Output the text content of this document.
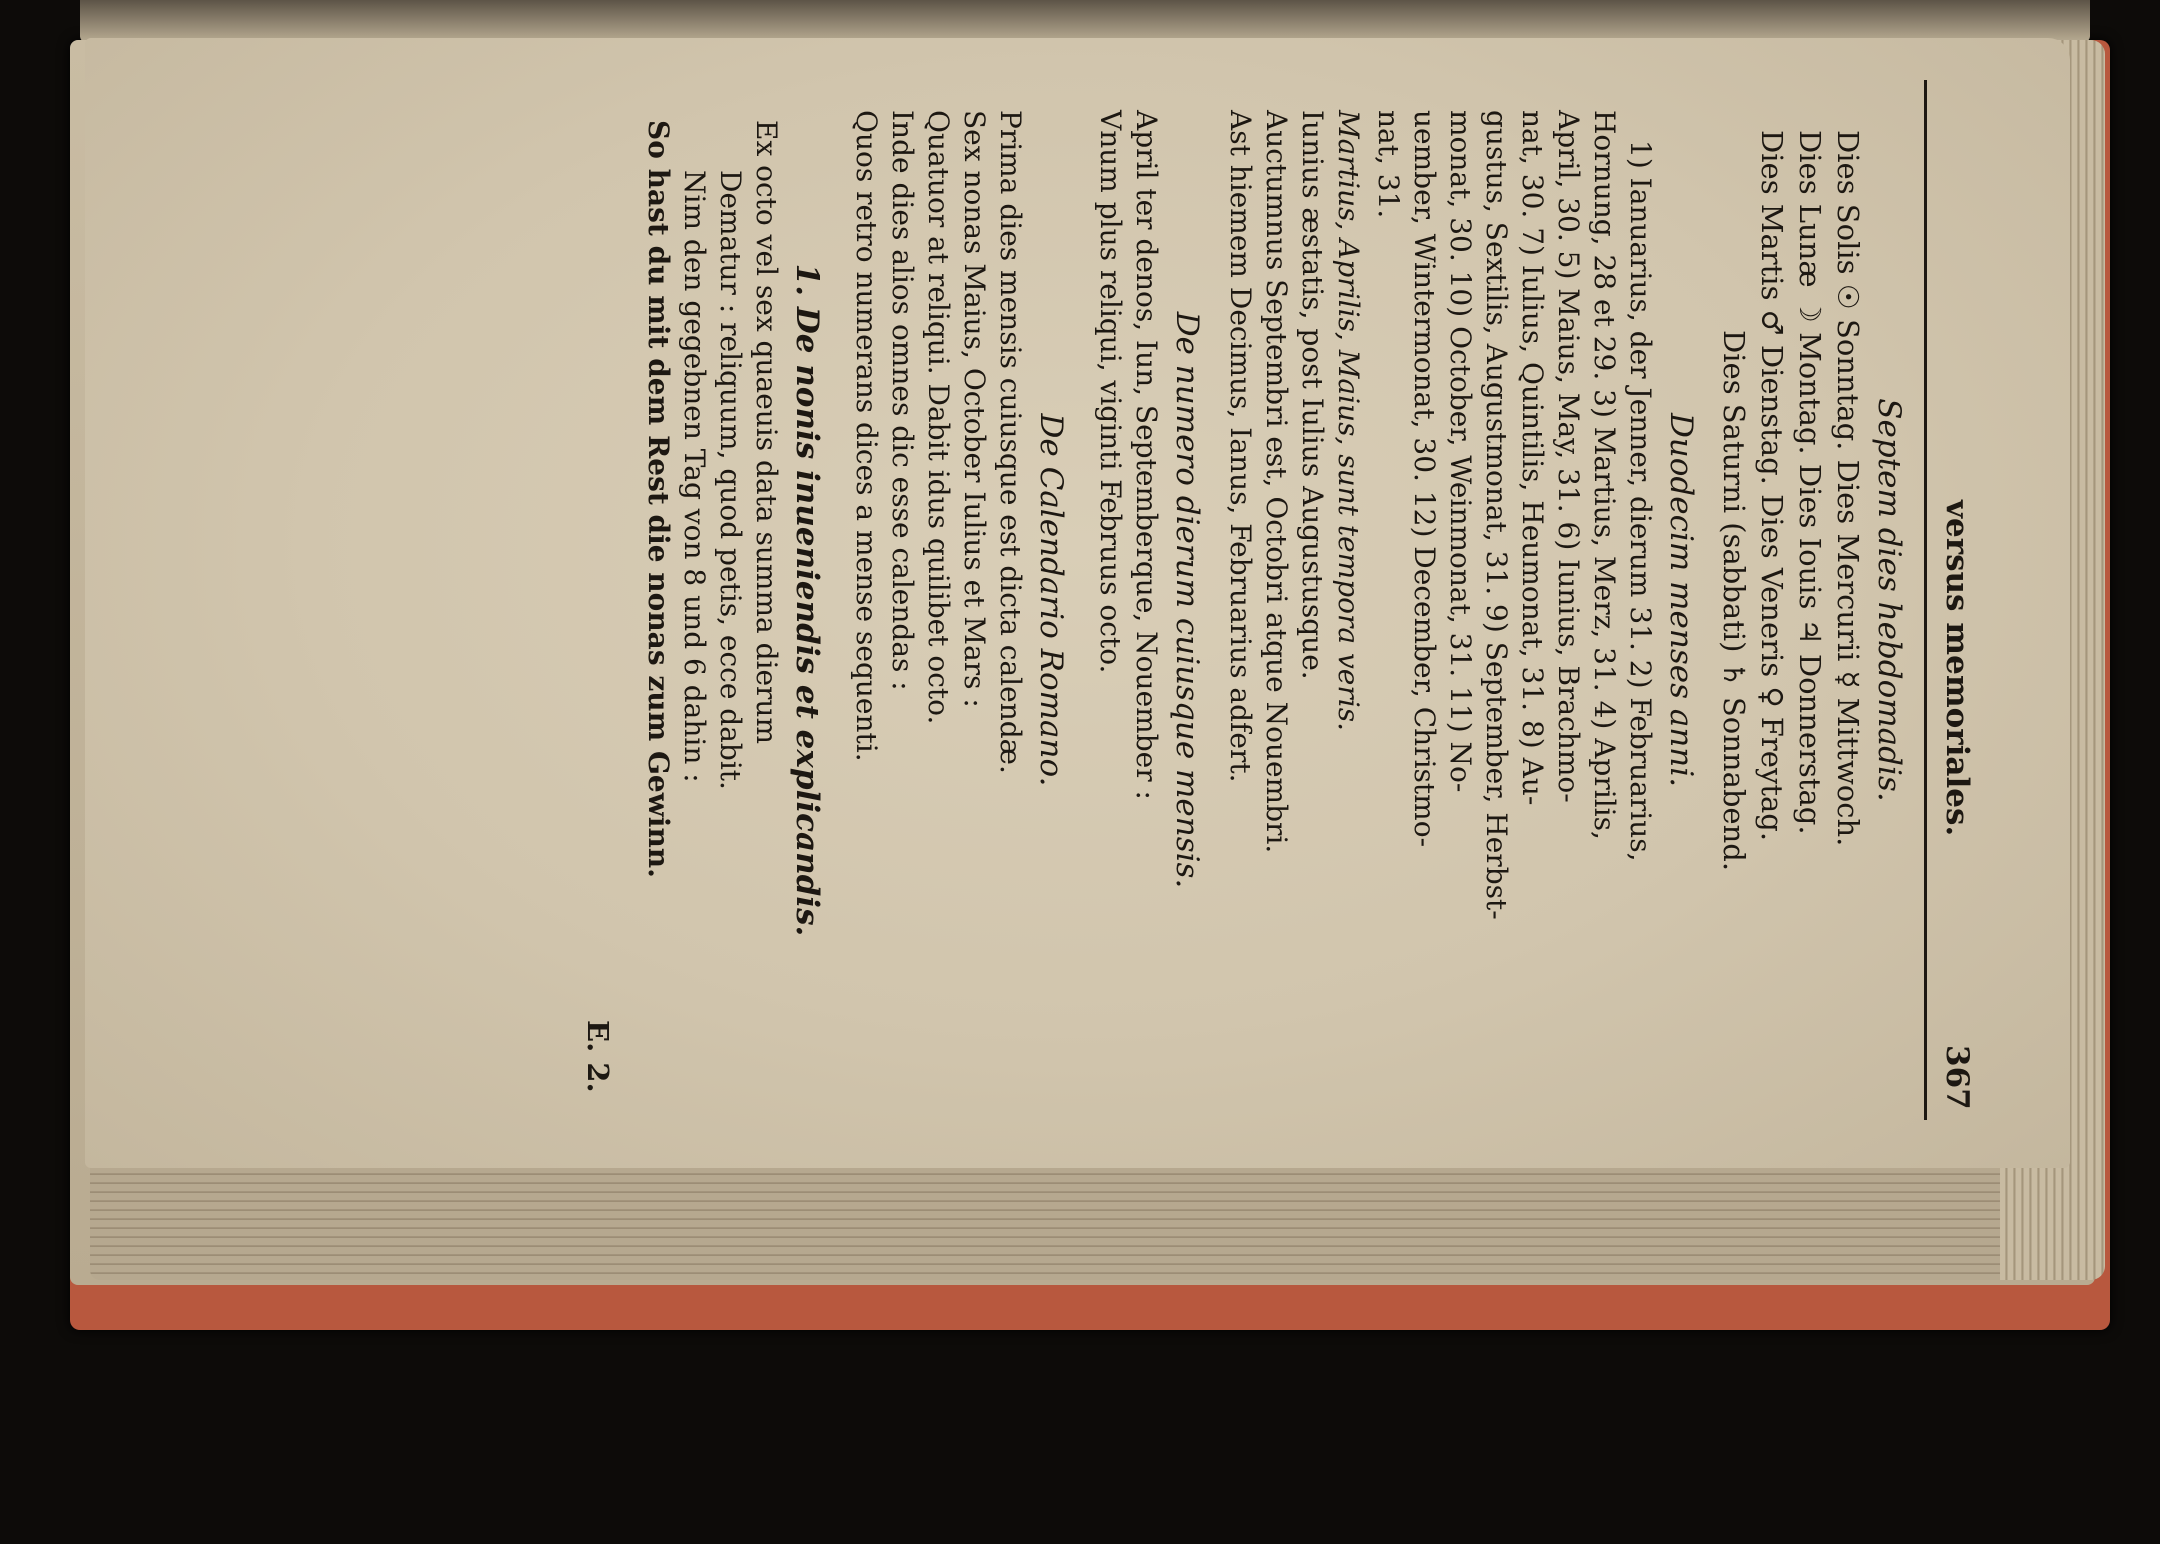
versus memoriales.
367
Septem dies hebdomadis.
Dies Solis ☉ Sonntag. Dies Mercurii ☿ Mittwoch.
Dies Lunæ ☽ Montag. Dies Iouis ♃ Donnerstag.
Dies Martis ♂ Dienstag. Dies Veneris ♀ Freytag.
Dies Saturni (sabbati) ♄ Sonnabend.
Duodecim menses anni.
1) Ianuarius, der Jenner, dierum 31. 2) Februarius,
Hornung, 28 et 29. 3) Martius, Merz, 31. 4) Aprilis,
April, 30. 5) Maius, May, 31. 6) Iunius, Brachmo-
nat, 30. 7) Iulius, Quintilis, Heumonat, 31. 8) Au-
gustus, Sextilis, Augustmonat, 31. 9) September, Herbst-
monat, 30. 10) October, Weinmonat, 31. 11) No-
uember, Wintermonat, 30. 12) December, Christmo-
nat, 31.
Martius, Aprilis, Maius, sunt tempora veris.
Iunius æstatis, post Iulius Augustusque.
Auctumnus Septembri est, Octobri atque Nouembri.
Ast hiemem Decimus, Ianus, Februarius adfert.
De numero dierum cuiusque mensis.
April ter denos, Iun, Septemberque, Nouember :
Vnum plus reliqui, viginti Februus octo.
De Calendario Romano.
Prima dies mensis cuiusque est dicta calendæ.
Sex nonas Maius, October Iulius et Mars :
Quatuor at reliqui. Dabit idus quilibet octo.
Inde dies alios omnes dic esse calendas :
Quos retro numerans dices a mense sequenti.
1. De nonis inueniendis et explicandis.
Ex octo vel sex quaeuis data summa dierum
Dematur : reliquum, quod petis, ecce dabit.
Nim den gegebnen Tag von 8 und 6 dahin :
So hast du mit dem Rest die nonas zum Gewinn.
E. 2.
